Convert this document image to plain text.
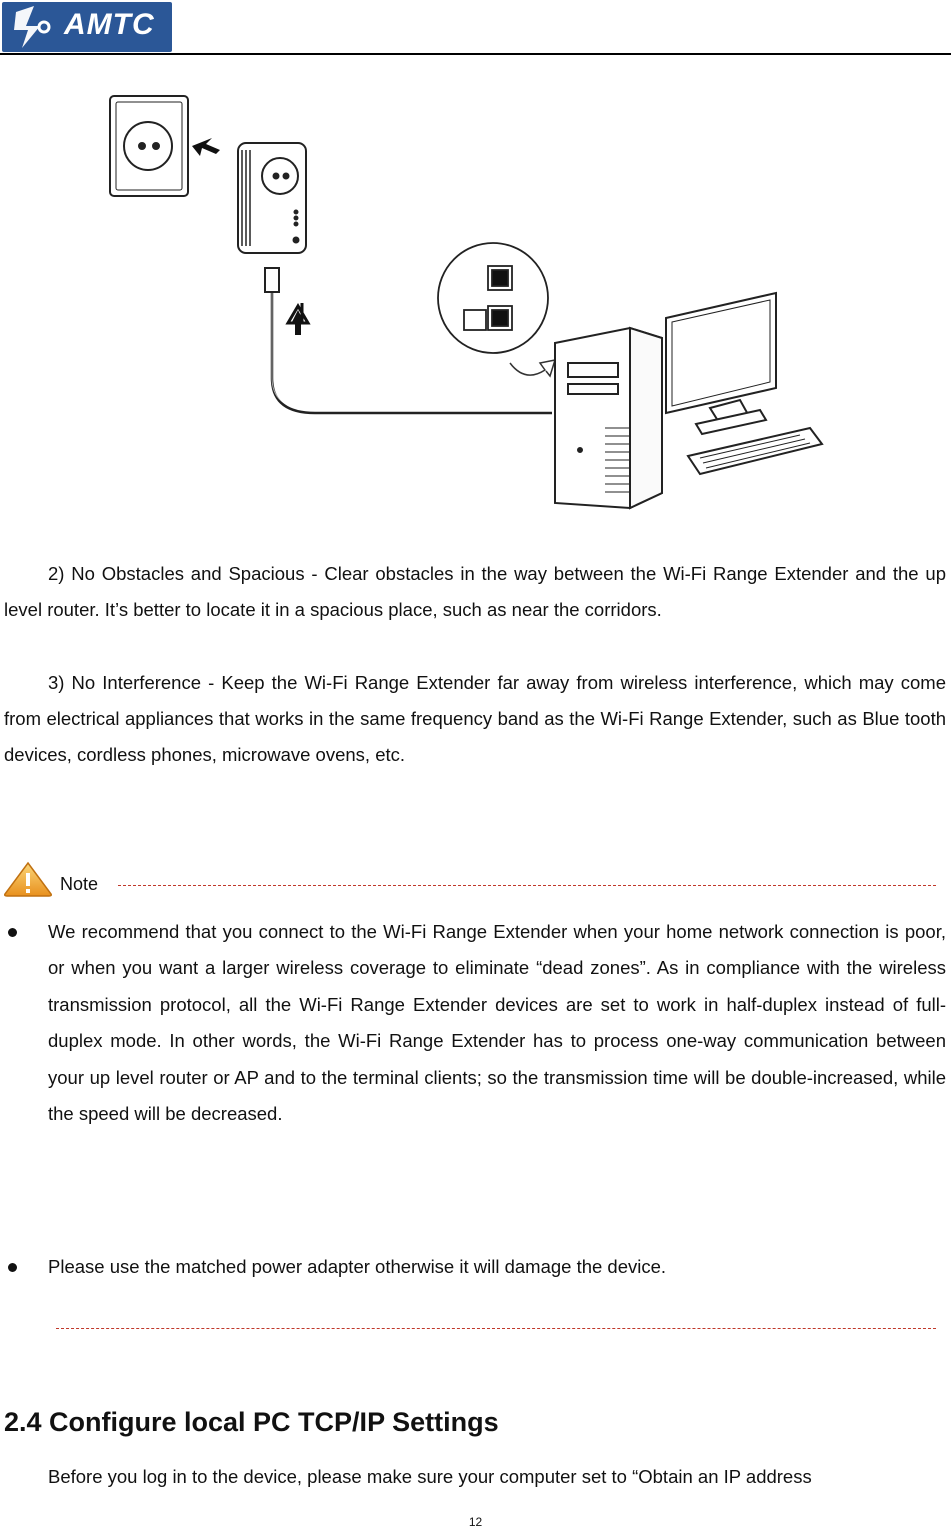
AMTC
2) No Obstacles and Spacious - Clear obstacles in the way between the Wi-Fi Range Extender and the up level router. It’s better to locate it in a spacious place, such as near the corridors.
3) No Interference - Keep the Wi-Fi Range Extender far away from wireless interference, which may come from electrical appliances that works in the same frequency band as the Wi-Fi Range Extender, such as Blue tooth devices, cordless phones, microwave ovens, etc.
Note
We recommend that you connect to the Wi-Fi Range Extender when your home network connection is poor, or when you want a larger wireless coverage to eliminate “dead zones”. As in compliance with the wireless transmission protocol, all the Wi-Fi Range Extender devices are set to work in half-duplex instead of full-duplex mode. In other words, the Wi-Fi Range Extender has to process one-way communication between your up level router or AP and to the terminal clients; so the transmission time will be double-increased, while the speed will be decreased.
Please use the matched power adapter otherwise it will damage the device.
2.4 Configure local PC TCP/IP Settings
Before you log in to the device, please make sure your computer set to “Obtain an IP address
12
